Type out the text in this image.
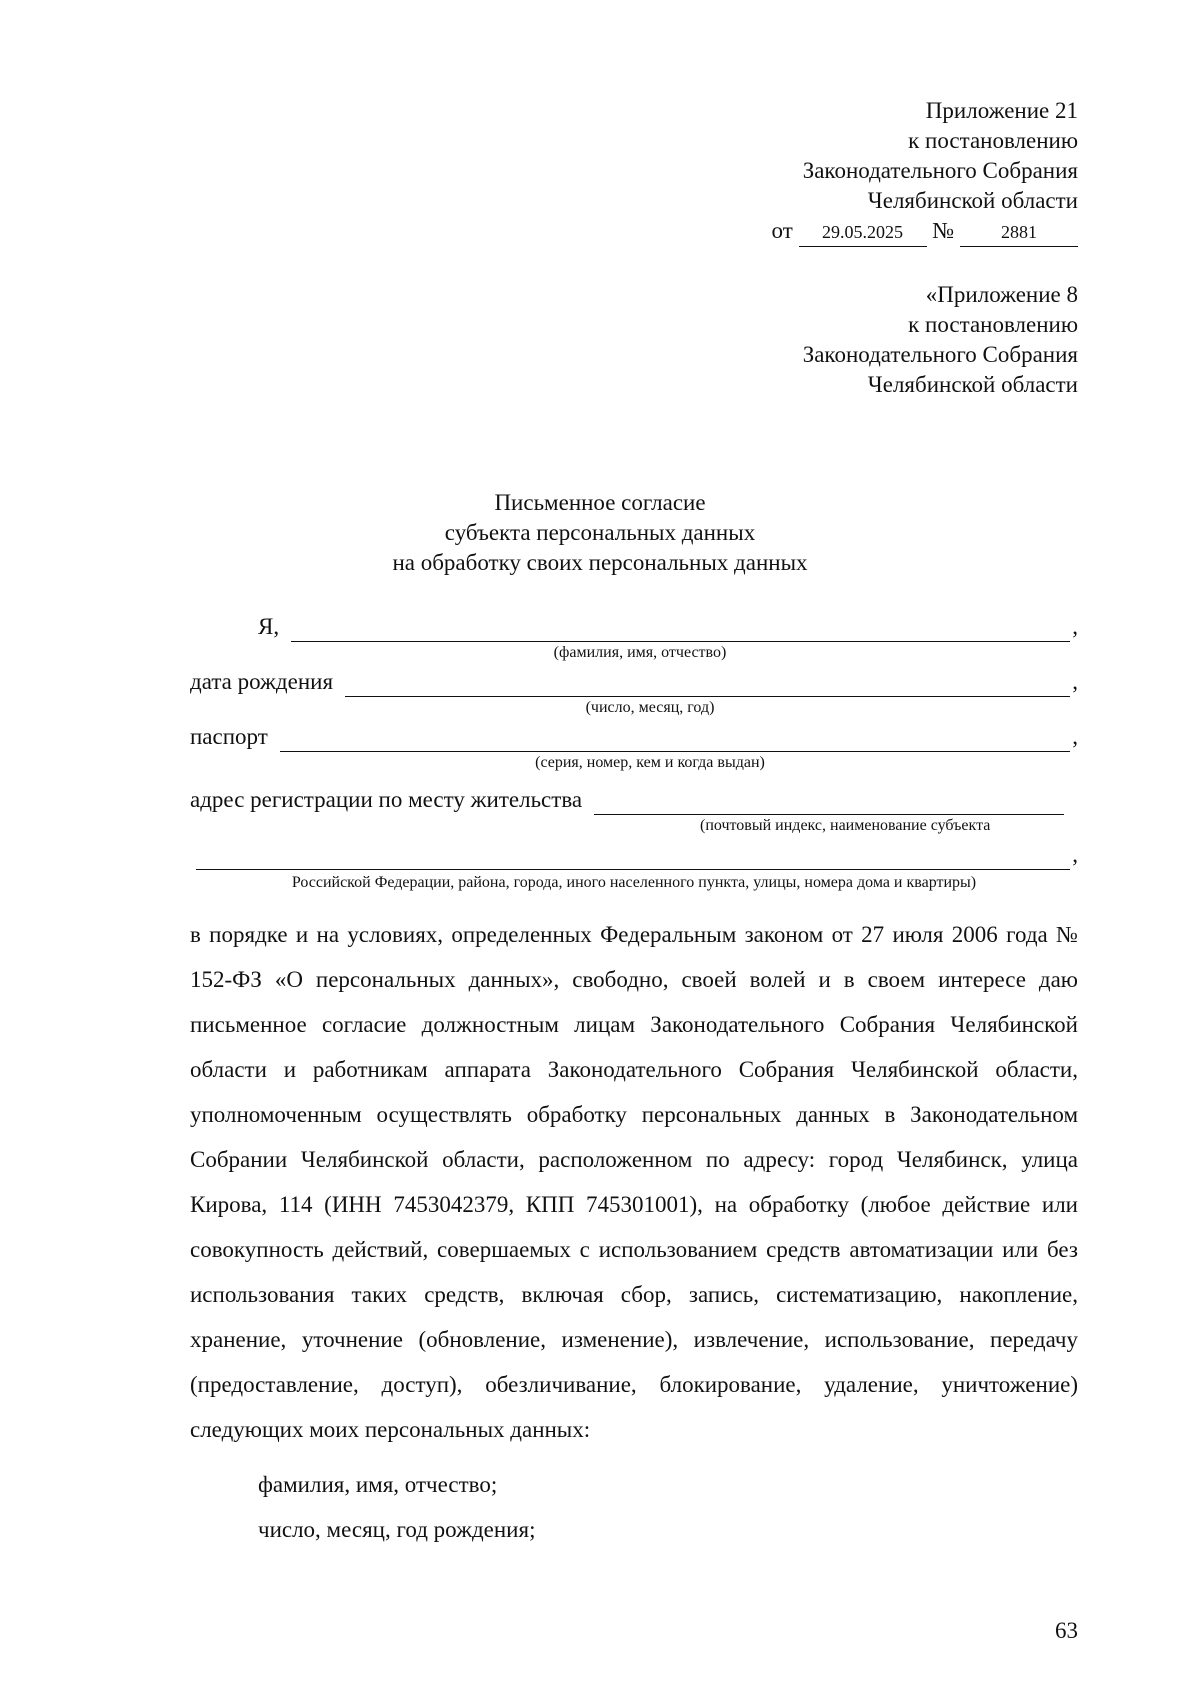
Приложение 21
к постановлению
Законодательного Собрания
Челябинской области
от 29.05.2025 №	2881
«Приложение 8
к постановлению
Законодательного Собрания
Челябинской области
Письменное согласие
субъекта персональных данных
на обработку своих персональных данных
Я,	,
(фамилия, имя, отчество)
дата рождения	,
(число, месяц, год)
паспорт	,
(серия, номер, кем и когда выдан)
адрес регистрации по месту жительства
(почтовый индекс, наименование субъекта
,
Российской Федерации, района, города, иного населенного пункта, улицы, номера дома и квартиры)

в порядке и на условиях, определенных Федеральным законом от 27 июля 2006 года № 152-ФЗ «О персональных данных», свободно, своей волей и в своем интересе даю письменное согласие должностным лицам Законодательного Собрания Челябинской области и работникам аппарата Законодательного Собрания Челябинской области, уполномоченным осуществлять обработку персональных данных в Законодательном Собрании Челябинской области, расположенном по адресу: город Челябинск, улица Кирова, 114 (ИНН 7453042379, КПП 745301001), на обработку (любое действие или совокупность действий, совершаемых с использованием средств автоматизации или без использования таких средств, включая сбор, запись, систематизацию, накопление, хранение, уточнение (обновление, изменение), извлечение, использование, передачу (предоставление, доступ), обезличивание, блокирование, удаление, уничтожение) следующих моих персональных данных:

фамилия, имя, отчество;
число, месяц, год рождения;
63
